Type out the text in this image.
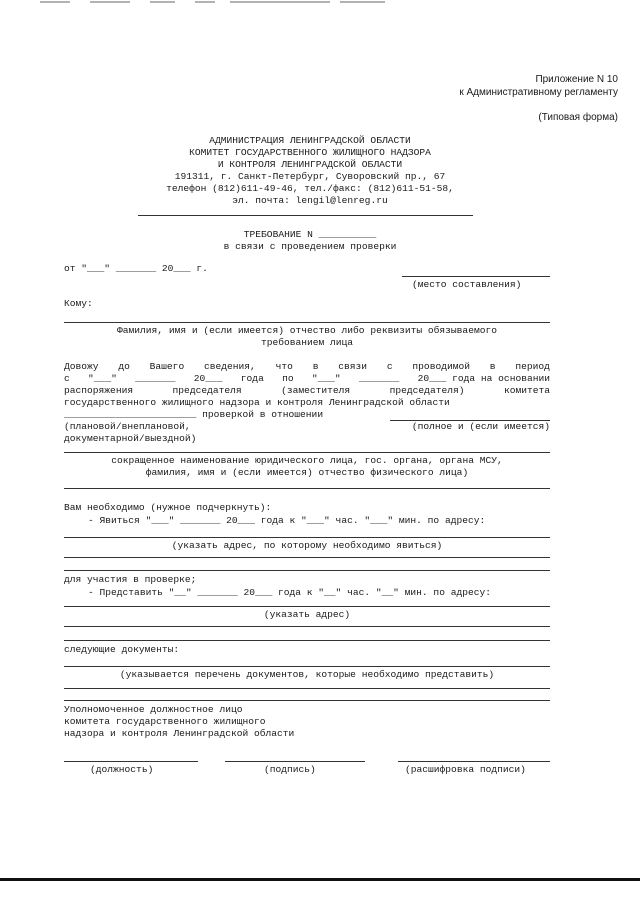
Приложение N 10
к Административному регламенту
(Типовая форма)
АДМИНИСТРАЦИЯ ЛЕНИНГРАДСКОЙ ОБЛАСТИ
КОМИТЕТ ГОСУДАРСТВЕННОГО ЖИЛИЩНОГО НАДЗОРА
И КОНТРОЛЯ ЛЕНИНГРАДСКОЙ ОБЛАСТИ
191311, г. Санкт-Петербург, Суворовский пр., 67
телефон (812)611-49-46, тел./факс: (812)611-51-58,
эл. почта: lengil@lenreg.ru
ТРЕБОВАНИЕ N __________
в связи с проведением проверки
от "___" _______ 20___ г.
(место составления)
Кому:
Фамилия, имя и (если имеется) отчество либо реквизиты обязываемого
требованием лица
Довожу до Вашего сведения, что в связи с проводимой в период
с "___" _______ 20___ года по "___" _______ 20___ года на основании
распоряжения	председателя	(заместителя	председателя)	комитета
государственного жилищного надзора и контроля Ленинградской области
_______________________ проверкой в отношении
(плановой/внеплановой,	(полное и (если имеется)
документарной/выездной)
сокращенное наименование юридического лица, гос. органа, органа МСУ,
фамилия, имя и (если имеется) отчество физического лица)
Вам необходимо (нужное подчеркнуть):
- Явиться "___" _______ 20___ года к "___" час. "___" мин. по адресу:
(указать адрес, по которому необходимо явиться)
для участия в проверке;
- Представить "__" _______ 20___ года к "__" час. "__" мин. по адресу:
(указать адрес)
следующие документы:
(указывается перечень документов, которые необходимо представить)
Уполномоченное должностное лицо
комитета государственного жилищного
надзора и контроля Ленинградской области
(должность)	(подпись)	(расшифровка подписи)
